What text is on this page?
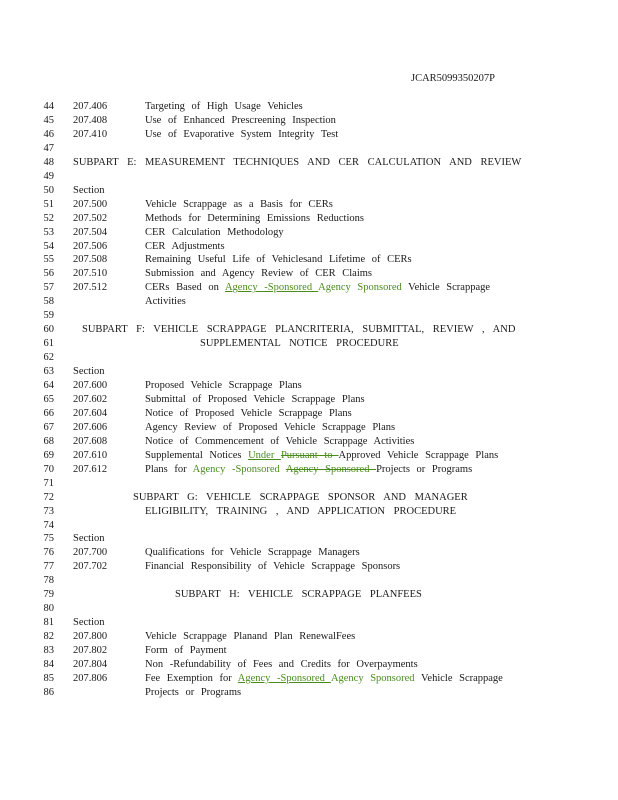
JCAR5099350207P
44 207.406	Targeting of High Usage Vehicles
45 207.408	Use of Enhanced Prescreening Inspection
46 207.410	Use of Evaporative System Integrity Test
47
48 SUBPART E: MEASUREMENT TECHNIQUES AND CER CALCULATION AND REVIEW
49
50 Section
51 207.500	Vehicle Scrappage as a Basis for CERs
52 207.502	Methods for Determining Emissions Reductions
53 207.504	CER Calculation Methodology
54 207.506	CER Adjustments
55 207.508	Remaining Useful Life of Vehiclesand Lifetime of CERs
56 207.510	Submission and Agency Review of CER Claims
57 207.512	CERs Based on Agency -Sponsored Agency Sponsored Vehicle Scrappage
58	Activities
59
60	SUBPART F: VEHICLE SCRAPPAGE PLANCRITERIA, SUBMITTAL, REVIEW , AND
61	SUPPLEMENTAL NOTICE PROCEDURE
62
63 Section
64 207.600	Proposed Vehicle Scrappage Plans
65 207.602	Submittal of Proposed Vehicle Scrappage Plans
66 207.604	Notice of Proposed Vehicle Scrappage Plans
67 207.606	Agency Review of Proposed Vehicle Scrappage Plans
68 207.608	Notice of Commencement of Vehicle Scrappage Activities
69 207.610	Supplemental Notices Under Pursuant to Approved Vehicle Scrappage Plans
70 207.612	Plans for Agency -Sponsored Agency Sponsored Projects or Programs
71
72	SUBPART G: VEHICLE SCRAPPAGE SPONSOR AND MANAGER
73	ELIGIBILITY, TRAINING , AND APPLICATION PROCEDURE
74
75 Section
76 207.700	Qualifications for Vehicle Scrappage Managers
77 207.702	Financial Responsibility of Vehicle Scrappage Sponsors
78
79	SUBPART H: VEHICLE SCRAPPAGE PLANFEES
80
81 Section
82 207.800	Vehicle Scrappage Planand Plan RenewalFees
83 207.802	Form of Payment
84 207.804	Non -Refundability of Fees and Credits for Overpayments
85 207.806	Fee Exemption for Agency -Sponsored Agency Sponsored Vehicle Scrappage
86	Projects or Programs
